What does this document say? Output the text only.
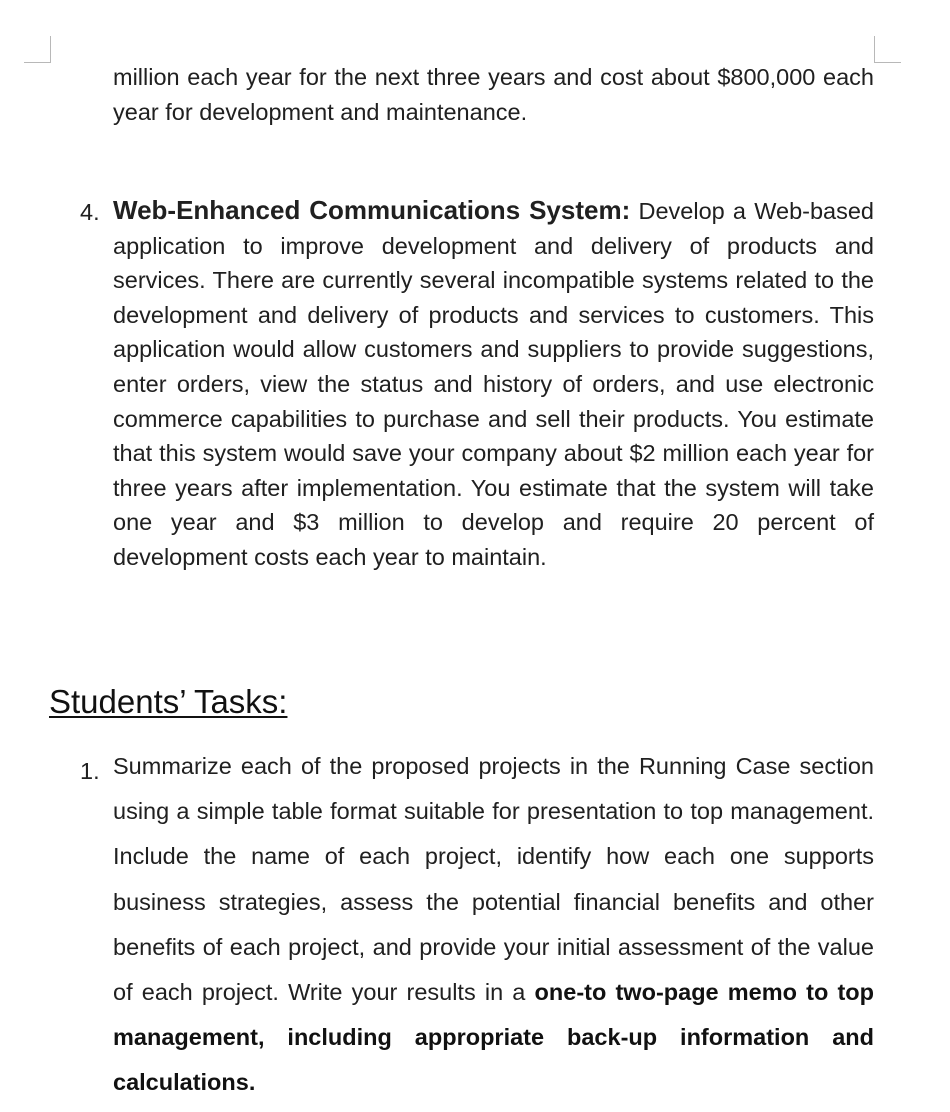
million each year for the next three years and cost about $800,000 each year for development and maintenance.

4. Web-Enhanced Communications System: Develop a Web-based application to improve development and delivery of products and services. There are currently several incompatible systems related to the development and delivery of products and services to customers. This application would allow customers and suppliers to provide suggestions, enter orders, view the status and history of orders, and use electronic commerce capabilities to purchase and sell their products. You estimate that this system would save your company about $2 million each year for three years after implementation. You estimate that the system will take one year and $3 million to develop and require 20 percent of development costs each year to maintain.

Students’ Tasks:
1. Summarize each of the proposed projects in the Running Case section using a simple table format suitable for presentation to top management. Include the name of each project, identify how each one supports business strategies, assess the potential financial benefits and other benefits of each project, and provide your initial assessment of the value of each project. Write your results in a one-to two-page memo to top management, including appropriate back-up information and calculations.
